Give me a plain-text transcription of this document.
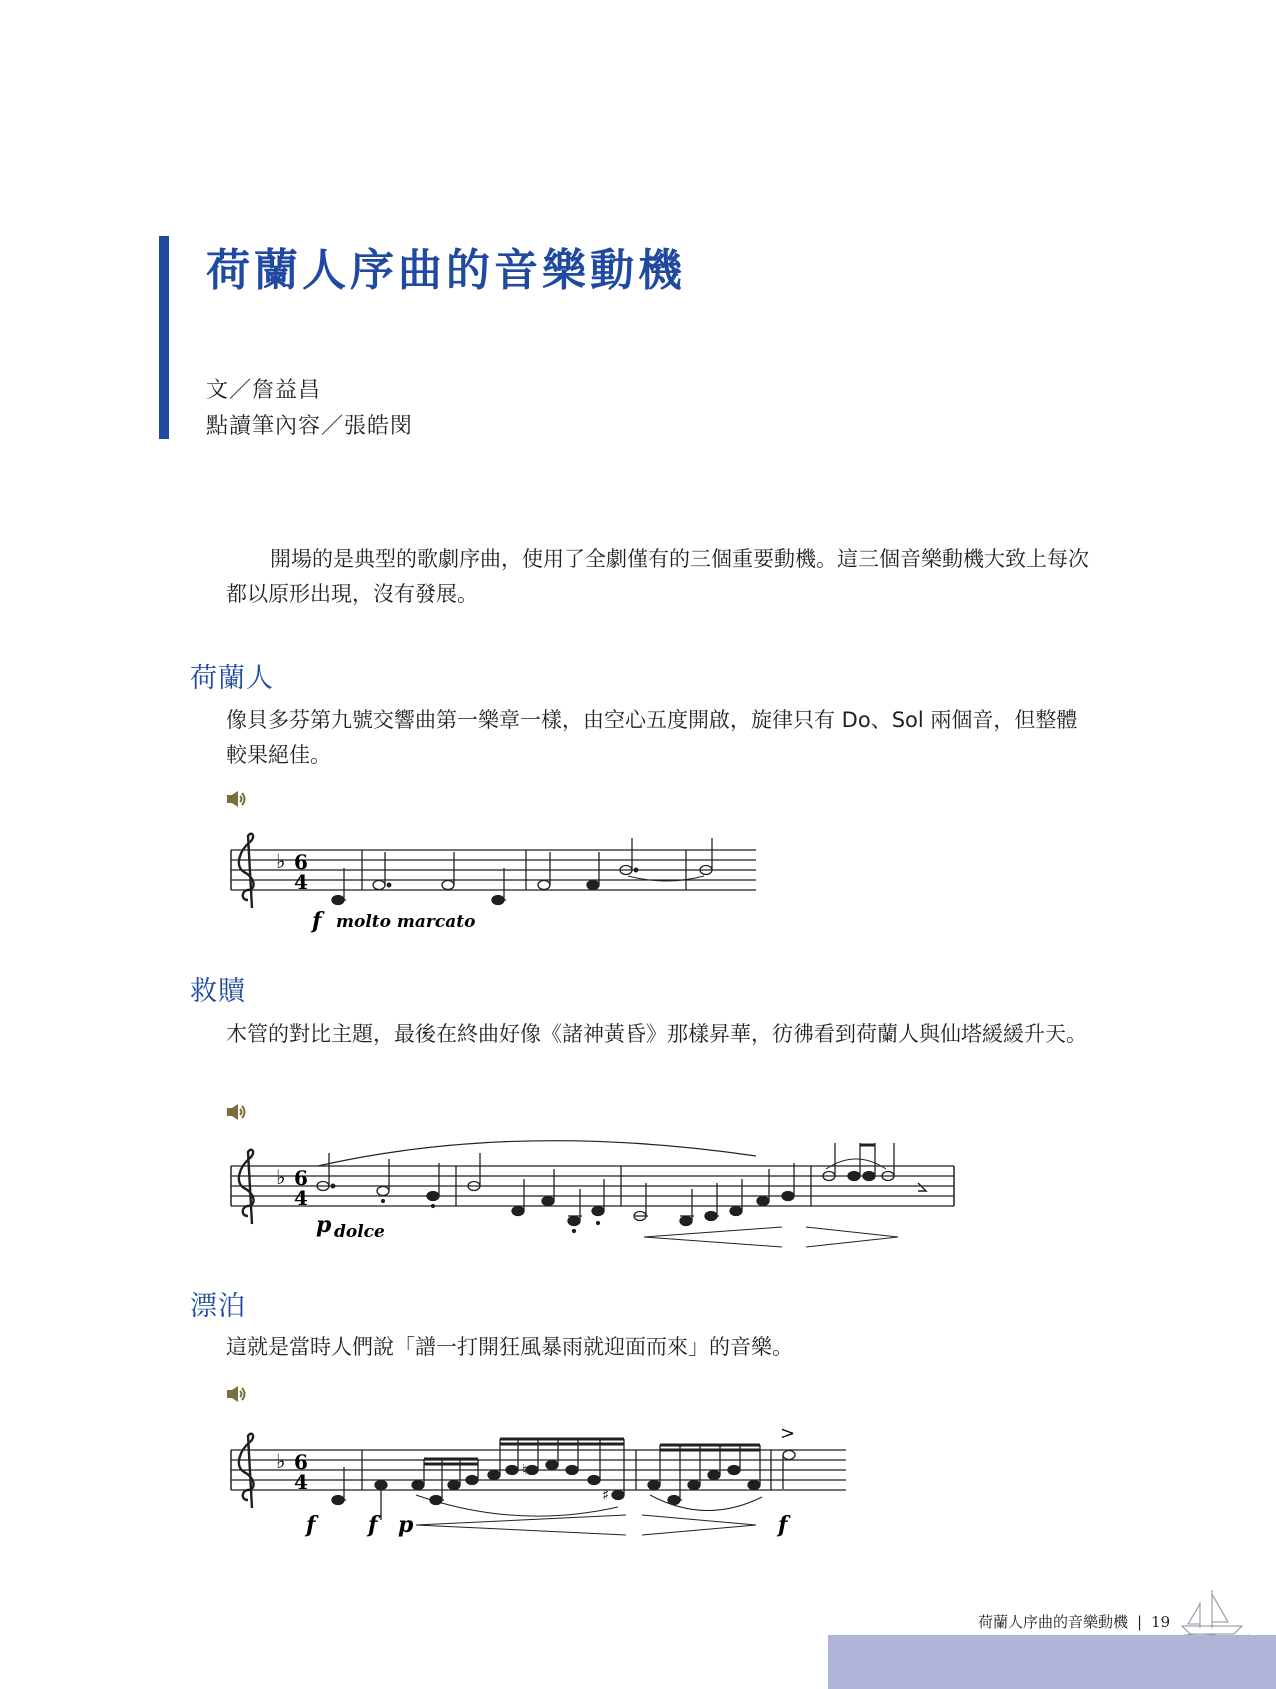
荷蘭人序曲的音樂動機
文／詹益昌
點讀筆內容／張皓閔
開場的是典型的歌劇序曲，使用了全劇僅有的三個重要動機。這三個音樂動機大致上每次都以原形出現，沒有發展。
荷蘭人
像貝多芬第九號交響曲第一樂章一樣，由空心五度開啟，旋律只有 Do、Sol 兩個音，但整體較果絕佳。
♭ 6
4
f molto marcato
救贖
木管的對比主題，最後在終曲好像《諸神黃昏》那樣昇華，彷彿看到荷蘭人與仙塔緩緩升天。
♭ 6
4
p dolce
漂泊
這就是當時人們說「譜一打開狂風暴雨就迎面而來」的音樂。
♭ 6
4	♮
♯
>
f f p	f
荷蘭人序曲的音樂動機 | 19
